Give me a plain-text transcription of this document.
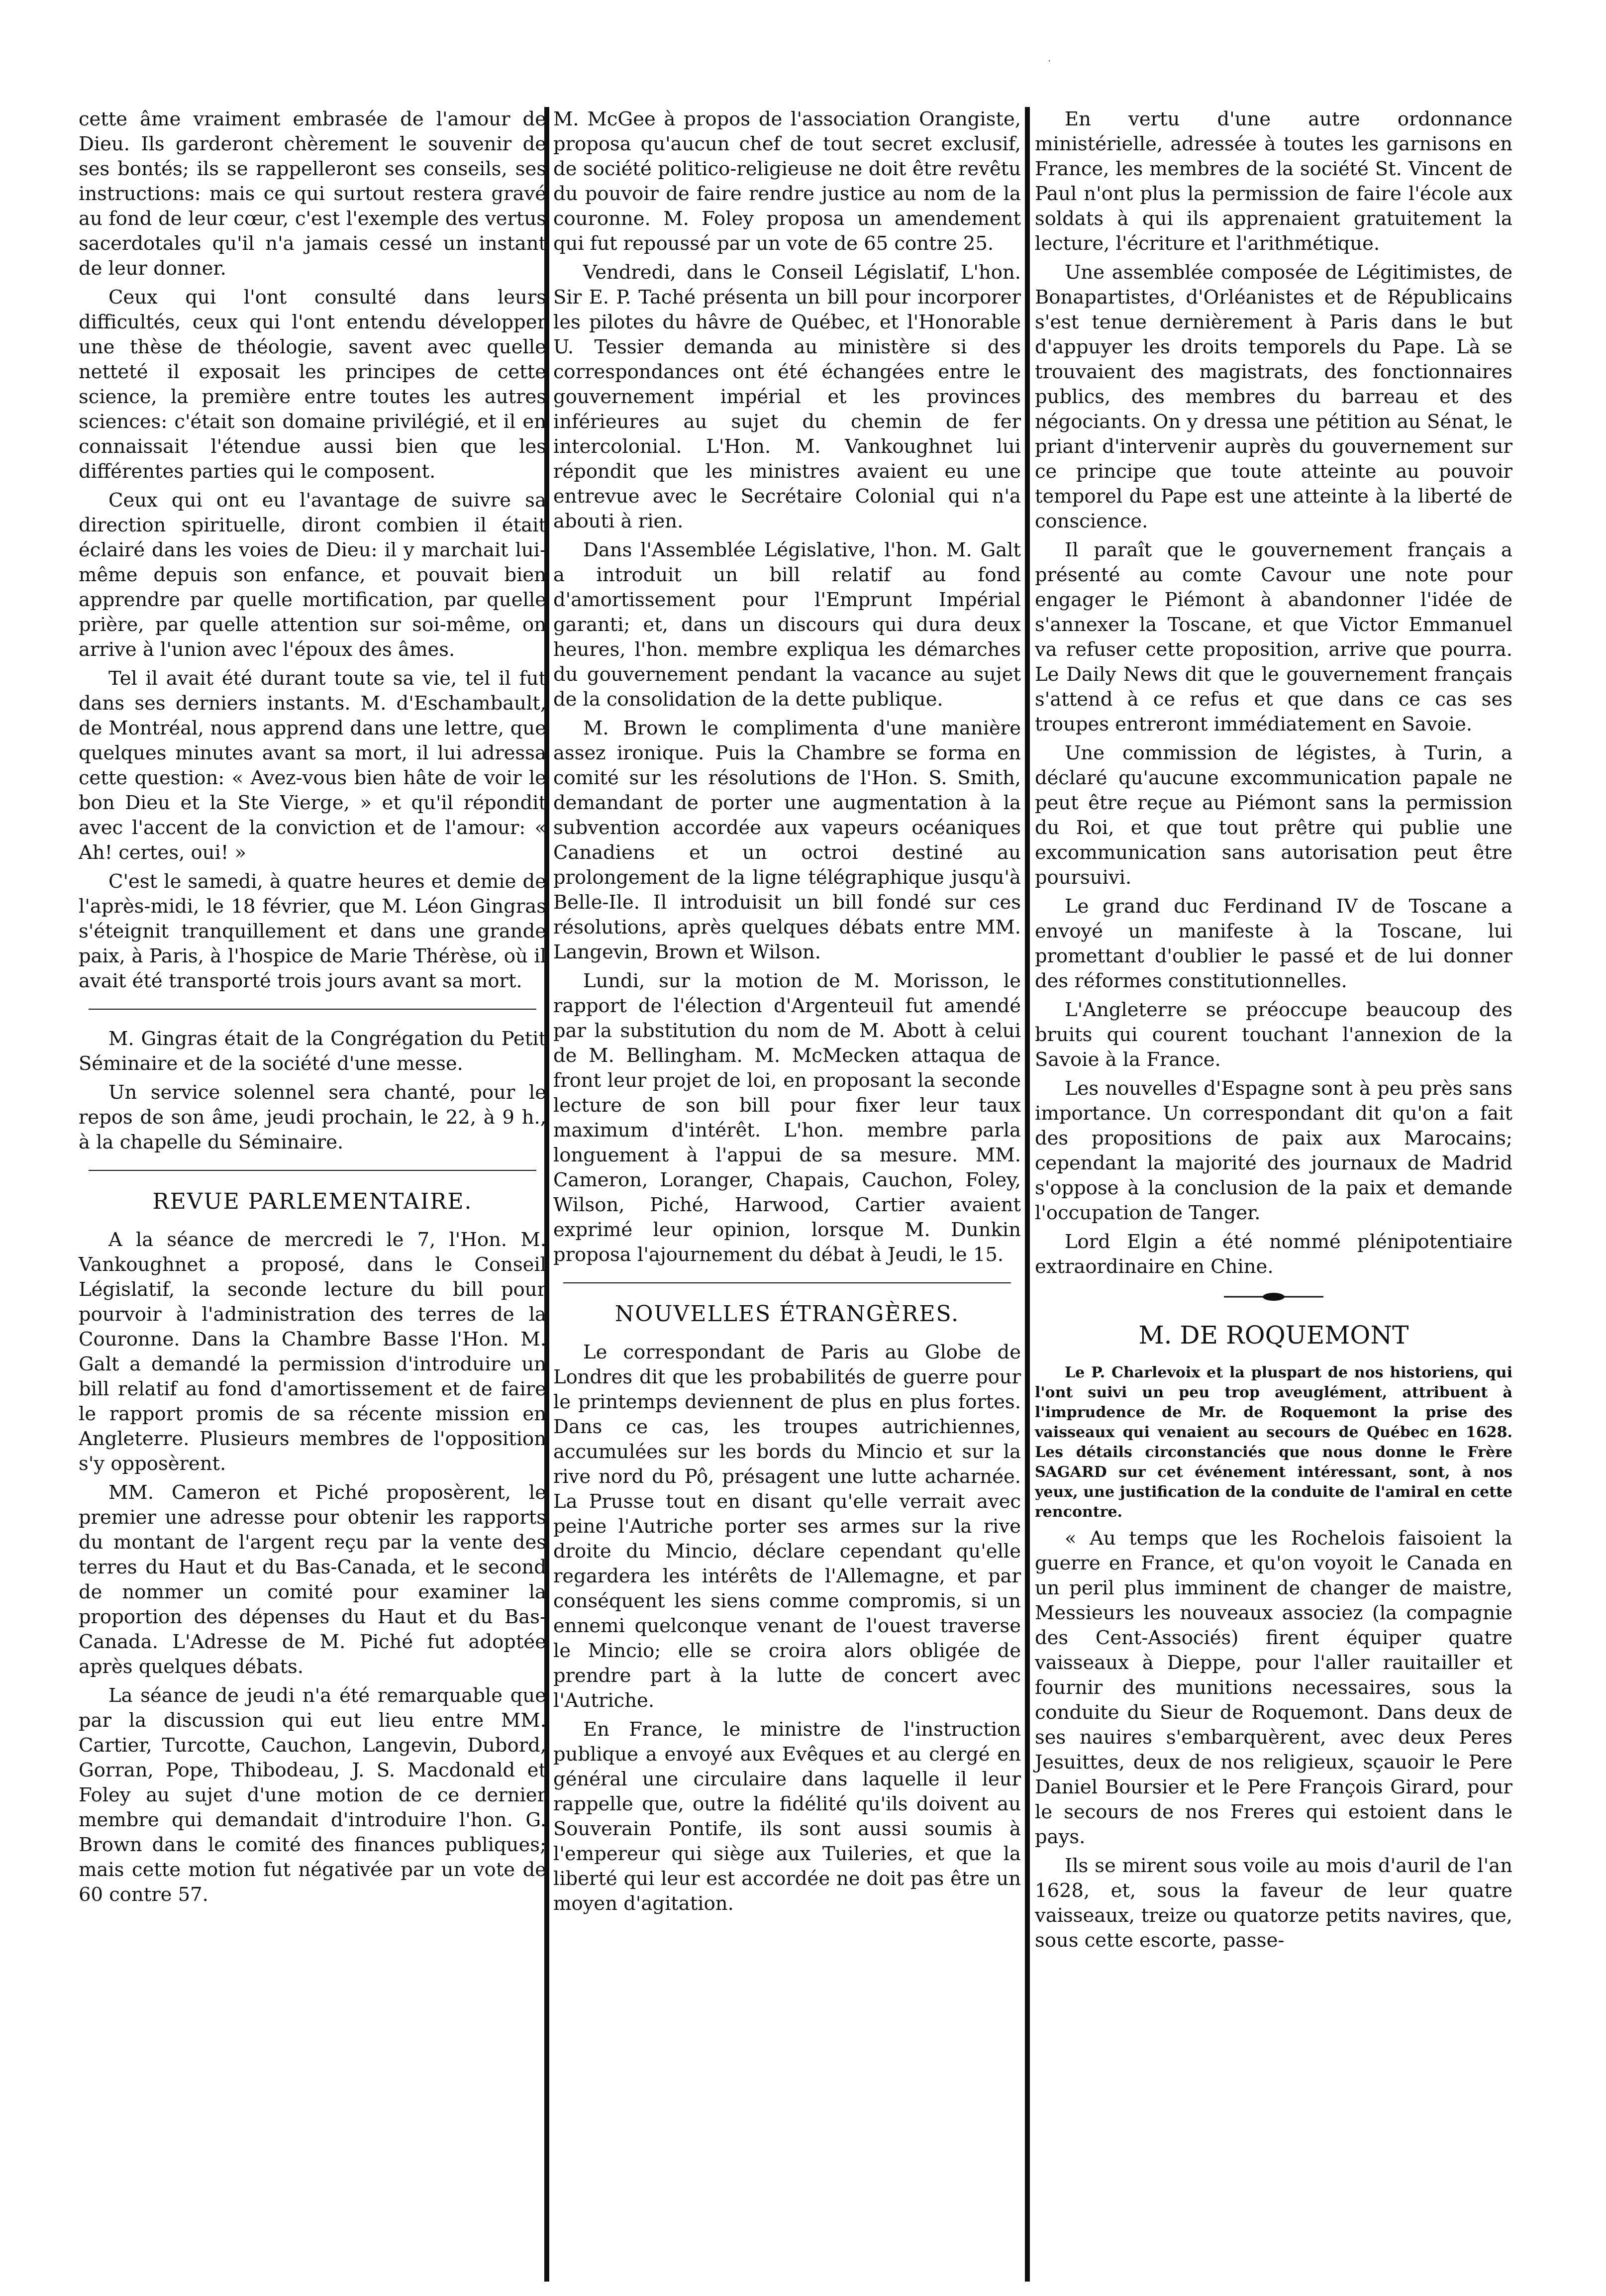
·

cette âme vraiment embrasée de l'amour de Dieu. Ils garderont chèrement le souvenir de ses bontés; ils se rappelleront ses conseils, ses instructions: mais ce qui surtout restera gravé au fond de leur cœur, c'est l'exemple des vertus sacerdotales qu'il n'a jamais cessé un instant de leur donner.

Ceux qui l'ont consulté dans leurs difficultés, ceux qui l'ont entendu développer une thèse de théologie, savent avec quelle netteté il exposait les principes de cette science, la première entre toutes les autres sciences: c'était son domaine privilégié, et il en connaissait l'étendue aussi bien que les différentes parties qui le composent.

Ceux qui ont eu l'avantage de suivre sa direction spirituelle, diront combien il était éclairé dans les voies de Dieu: il y marchait lui-même depuis son enfance, et pouvait bien apprendre par quelle mortification, par quelle prière, par quelle attention sur soi-même, on arrive à l'union avec l'époux des âmes.

Tel il avait été durant toute sa vie, tel il fut dans ses derniers instants. M. d'Eschambault, de Montréal, nous apprend dans une lettre, que quelques minutes avant sa mort, il lui adressa cette question: « Avez-vous bien hâte de voir le bon Dieu et la Ste Vierge, » et qu'il répondit avec l'accent de la conviction et de l'amour: « Ah! certes, oui! »

C'est le samedi, à quatre heures et demie de l'après-midi, le 18 février, que M. Léon Gingras s'éteignit tranquillement et dans une grande paix, à Paris, à l'hospice de Marie Thérèse, où il avait été transporté trois jours avant sa mort.

M. Gingras était de la Congrégation du Petit Séminaire et de la société d'une messe.

Un service solennel sera chanté, pour le repos de son âme, jeudi prochain, le 22, à 9 h., à la chapelle du Séminaire.

REVUE PARLEMENTAIRE.

A la séance de mercredi le 7, l'Hon. M. Vankoughnet a proposé, dans le Conseil Législatif, la seconde lecture du bill pour pourvoir à l'administration des terres de la Couronne. Dans la Chambre Basse l'Hon. M. Galt a demandé la permission d'introduire un bill relatif au fond d'amortissement et de faire le rapport promis de sa récente mission en Angleterre. Plusieurs membres de l'opposition s'y opposèrent.

MM. Cameron et Piché proposèrent, le premier une adresse pour obtenir les rapports du montant de l'argent reçu par la vente des terres du Haut et du Bas-Canada, et le second de nommer un comité pour examiner la proportion des dépenses du Haut et du Bas-Canada. L'Adresse de M. Piché fut adoptée après quelques débats.

La séance de jeudi n'a été remarquable que par la discussion qui eut lieu entre MM. Cartier, Turcotte, Cauchon, Langevin, Dubord, Gorran, Pope, Thibodeau, J. S. Macdonald et Foley au sujet d'une motion de ce dernier membre qui demandait d'introduire l'hon. G. Brown dans le comité des finances publiques; mais cette motion fut négativée par un vote de 60 contre 57.

M. McGee à propos de l'association Orangiste, proposa qu'aucun chef de tout secret exclusif, de société politico-religieuse ne doit être revêtu du pouvoir de faire rendre justice au nom de la couronne. M. Foley proposa un amendement qui fut repoussé par un vote de 65 contre 25.

Vendredi, dans le Conseil Législatif, L'hon. Sir E. P. Taché présenta un bill pour incorporer les pilotes du hâvre de Québec, et l'Honorable U. Tessier demanda au ministère si des correspondances ont été échangées entre le gouvernement impérial et les provinces inférieures au sujet du chemin de fer intercolonial. L'Hon. M. Vankoughnet lui répondit que les ministres avaient eu une entrevue avec le Secrétaire Colonial qui n'a abouti à rien.

Dans l'Assemblée Législative, l'hon. M. Galt a introduit un bill relatif au fond d'amortissement pour l'Emprunt Impérial garanti; et, dans un discours qui dura deux heures, l'hon. membre expliqua les démarches du gouvernement pendant la vacance au sujet de la consolidation de la dette publique.

M. Brown le complimenta d'une manière assez ironique. Puis la Chambre se forma en comité sur les résolutions de l'Hon. S. Smith, demandant de porter une augmentation à la subvention accordée aux vapeurs océaniques Canadiens et un octroi destiné au prolongement de la ligne télégraphique jusqu'à Belle-Ile. Il introduisit un bill fondé sur ces résolutions, après quelques débats entre MM. Langevin, Brown et Wilson.

Lundi, sur la motion de M. Morisson, le rapport de l'élection d'Argenteuil fut amendé par la substitution du nom de M. Abott à celui de M. Bellingham. M. McMecken attaqua de front leur projet de loi, en proposant la seconde lecture de son bill pour fixer leur taux maximum d'intérêt. L'hon. membre parla longuement à l'appui de sa mesure. MM. Cameron, Loranger, Chapais, Cauchon, Foley, Wilson, Piché, Harwood, Cartier avaient exprimé leur opinion, lorsque M. Dunkin proposa l'ajournement du débat à Jeudi, le 15.

NOUVELLES ÉTRANGÈRES.

Le correspondant de Paris au Globe de Londres dit que les probabilités de guerre pour le printemps deviennent de plus en plus fortes. Dans ce cas, les troupes autrichiennes, accumulées sur les bords du Mincio et sur la rive nord du Pô, présagent une lutte acharnée. La Prusse tout en disant qu'elle verrait avec peine l'Autriche porter ses armes sur la rive droite du Mincio, déclare cependant qu'elle regardera les intérêts de l'Allemagne, et par conséquent les siens comme compromis, si un ennemi quelconque venant de l'ouest traverse le Mincio; elle se croira alors obligée de prendre part à la lutte de concert avec l'Autriche.

En France, le ministre de l'instruction publique a envoyé aux Evêques et au clergé en général une circulaire dans laquelle il leur rappelle que, outre la fidélité qu'ils doivent au Souverain Pontife, ils sont aussi soumis à l'empereur qui siège aux Tuileries, et que la liberté qui leur est accordée ne doit pas être un moyen d'agitation.

En vertu d'une autre ordonnance ministérielle, adressée à toutes les garnisons en France, les membres de la société St. Vincent de Paul n'ont plus la permission de faire l'école aux soldats à qui ils apprenaient gratuitement la lecture, l'écriture et l'arithmétique.

Une assemblée composée de Légitimistes, de Bonapartistes, d'Orléanistes et de Républicains s'est tenue dernièrement à Paris dans le but d'appuyer les droits temporels du Pape. Là se trouvaient des magistrats, des fonctionnaires publics, des membres du barreau et des négociants. On y dressa une pétition au Sénat, le priant d'intervenir auprès du gouvernement sur ce principe que toute atteinte au pouvoir temporel du Pape est une atteinte à la liberté de conscience.

Il paraît que le gouvernement français a présenté au comte Cavour une note pour engager le Piémont à abandonner l'idée de s'annexer la Toscane, et que Victor Emmanuel va refuser cette proposition, arrive que pourra. Le Daily News dit que le gouvernement français s'attend à ce refus et que dans ce cas ses troupes entreront immédiatement en Savoie.

Une commission de légistes, à Turin, a déclaré qu'aucune excommunication papale ne peut être reçue au Piémont sans la permission du Roi, et que tout prêtre qui publie une excommunication sans autorisation peut être poursuivi.

Le grand duc Ferdinand IV de Toscane a envoyé un manifeste à la Toscane, lui promettant d'oublier le passé et de lui donner des réformes constitutionnelles.

L'Angleterre se préoccupe beaucoup des bruits qui courent touchant l'annexion de la Savoie à la France.

Les nouvelles d'Espagne sont à peu près sans importance. Un correspondant dit qu'on a fait des propositions de paix aux Marocains; cependant la majorité des journaux de Madrid s'oppose à la conclusion de la paix et demande l'occupation de Tanger.

Lord Elgin a été nommé plénipotentiaire extraordinaire en Chine.

M. DE ROQUEMONT

Le P. Charlevoix et la pluspart de nos historiens, qui l'ont suivi un peu trop aveuglément, attribuent à l'imprudence de Mr. de Roquemont la prise des vaisseaux qui venaient au secours de Québec en 1628. Les détails circonstanciés que nous donne le Frère SAGARD sur cet événement intéressant, sont, à nos yeux, une justification de la conduite de l'amiral en cette rencontre.

« Au temps que les Rochelois faisoient la guerre en France, et qu'on voyoit le Canada en un peril plus imminent de changer de maistre, Messieurs les nouveaux associez (la compagnie des Cent-Associés) firent équiper quatre vaisseaux à Dieppe, pour l'aller rauitailler et fournir des munitions necessaires, sous la conduite du Sieur de Roquemont. Dans deux de ses nauires s'embarquèrent, avec deux Peres Jesuittes, deux de nos religieux, sçauoir le Pere Daniel Boursier et le Pere François Girard, pour le secours de nos Freres qui estoient dans le pays.

Ils se mirent sous voile au mois d'auril de l'an 1628, et, sous la faveur de leur quatre vaisseaux, treize ou quatorze petits navires, que, sous cette escorte, passe-
